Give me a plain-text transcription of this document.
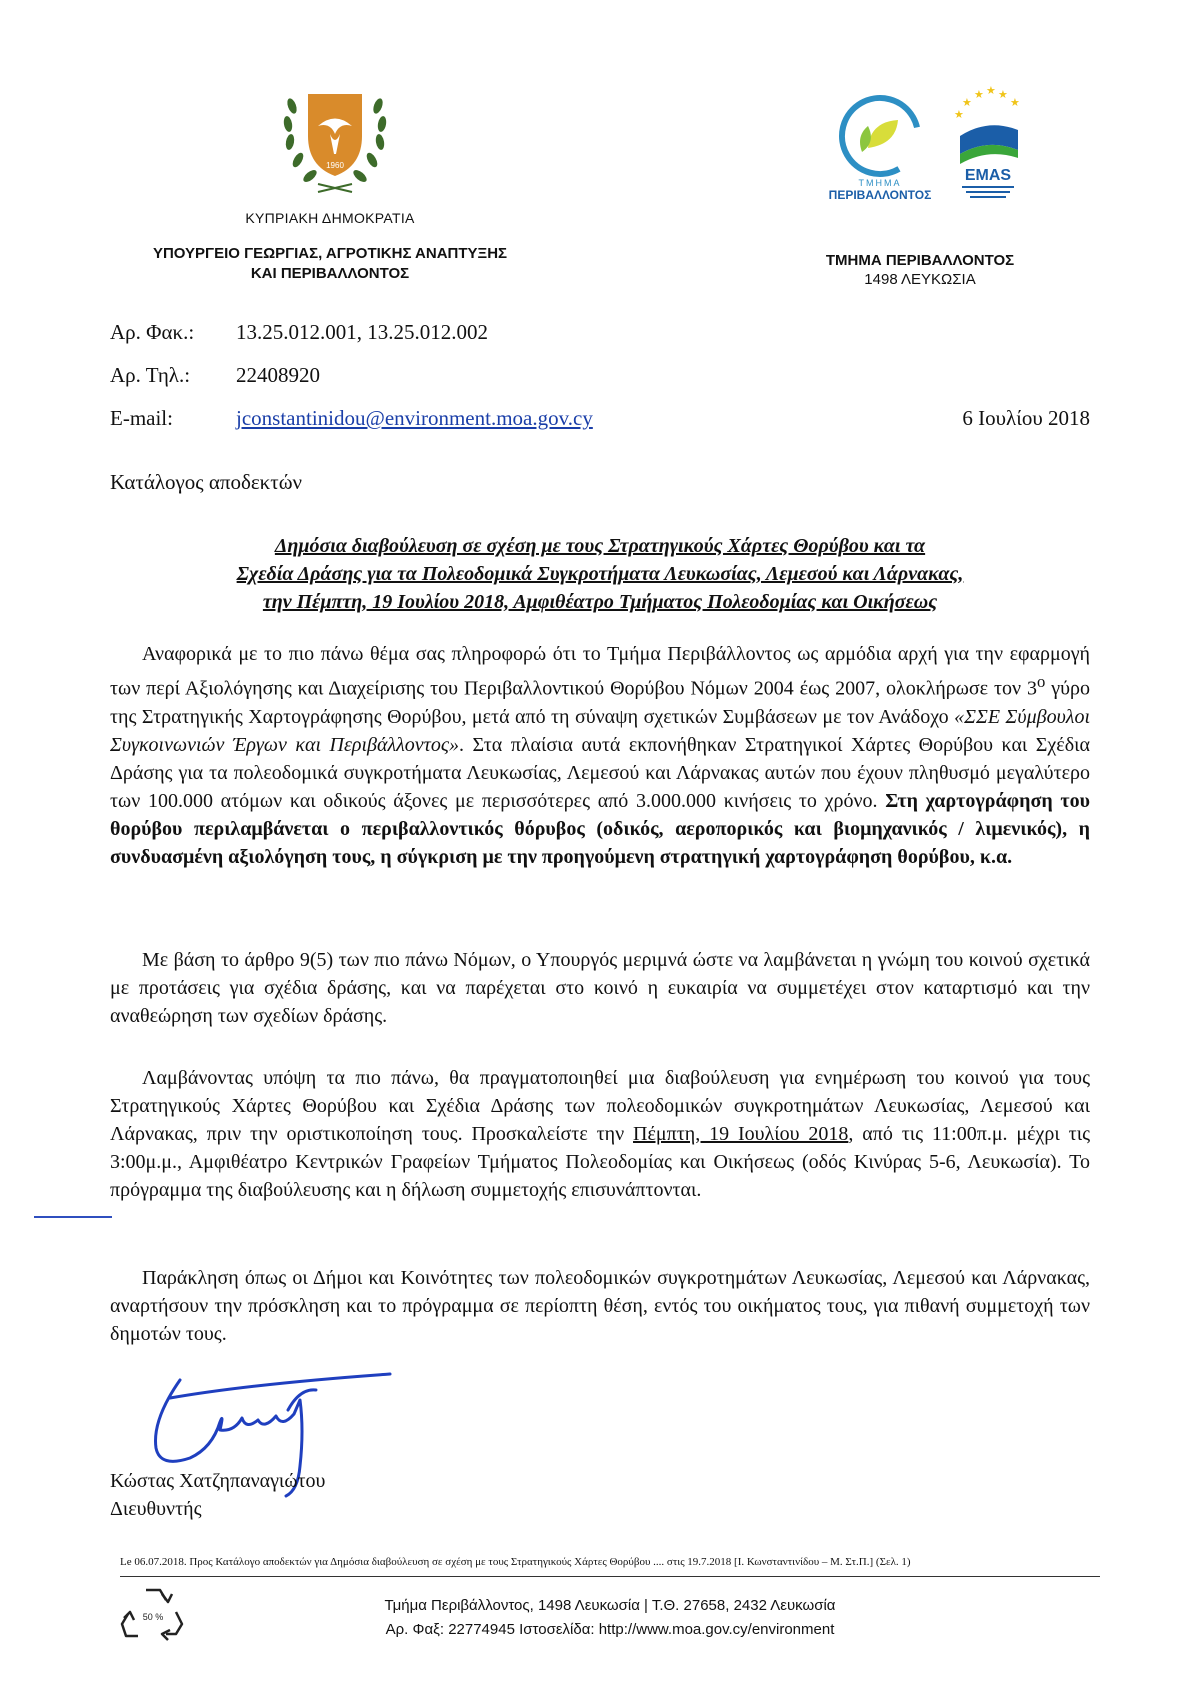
1960
ΚΥΠΡΙΑΚΗ ΔΗΜΟΚΡΑΤΙΑ
ΥΠΟΥΡΓΕΙΟ ΓΕΩΡΓΙΑΣ, ΑΓΡΟΤΙΚΗΣ ΑΝΑΠΤΥΞΗΣ
ΚΑΙ ΠΕΡΙΒΑΛΛΟΝΤΟΣ
ΤΜΗΜΑ
ΠΕΡΙΒΑΛΛΟΝΤΟΣ
★
★ ★ ★
★
★
EMAS
ΤΜΗΜΑ ΠΕΡΙΒΑΛΛΟΝΤΟΣ
1498 ΛΕΥΚΩΣΙΑ
Αρ. Φακ.: 13.25.012.001, 13.25.012.002
Αρ. Τηλ.: 22408920
E-mail:	jconstantinidou@environment.moa.gov.cy	6 Ιουλίου 2018
Κατάλογος αποδεκτών
Δημόσια διαβούλευση σε σχέση με τους Στρατηγικούς Χάρτες Θορύβου και τα
Σχεδία Δράσης για τα Πολεοδομικά Συγκροτήματα Λευκωσίας, Λεμεσού και Λάρνακας,
την Πέμπτη, 19 Ιουλίου 2018, Αμφιθέατρο Τμήματος Πολεοδομίας και Οικήσεως
Αναφορικά με το πιο πάνω θέμα σας πληροφορώ ότι το Τμήμα Περιβάλλοντος ως αρμόδια αρχή για την εφαρμογή των περί Αξιολόγησης και Διαχείρισης του Περιβαλλοντικού Θορύβου Νόμων 2004 έως 2007, ολοκλήρωσε τον $3^o$ γύρο της Στρατηγικής Χαρτογράφησης Θορύβου, μετά από τη σύναψη σχετικών Συμβάσεων με τον Ανάδοχο «ΣΣΕ Σύμβουλοι Συγκοινωνιών Έργων και Περιβάλλοντος». Στα πλαίσια αυτά εκπονήθηκαν Στρατηγικοί Χάρτες Θορύβου και Σχέδια Δράσης για τα πολεοδομικά συγκροτήματα Λευκωσίας, Λεμεσού και Λάρνακας αυτών που έχουν πληθυσμό μεγαλύτερο των 100.000 ατόμων και οδικούς άξονες με περισσότερες από 3.000.000 κινήσεις το χρόνο. Στη χαρτογράφηση του θορύβου περιλαμβάνεται ο περιβαλλοντικός θόρυβος (οδικός, αεροπορικός και βιομηχανικός / λιμενικός), η συνδυασμένη αξιολόγηση τους, η σύγκριση με την προηγούμενη στρατηγική χαρτογράφηση θορύβου, κ.α.
Με βάση το άρθρο 9(5) των πιο πάνω Νόμων, ο Υπουργός μεριμνά ώστε να λαμβάνεται η γνώμη του κοινού σχετικά με προτάσεις για σχέδια δράσης, και να παρέχεται στο κοινό η ευκαιρία να συμμετέχει στον καταρτισμό και την αναθεώρηση των σχεδίων δράσης.
Λαμβάνοντας υπόψη τα πιο πάνω, θα πραγματοποιηθεί μια διαβούλευση για ενημέρωση του κοινού για τους Στρατηγικούς Χάρτες Θορύβου και Σχέδια Δράσης των πολεοδομικών συγκροτημάτων Λευκωσίας, Λεμεσού και Λάρνακας, πριν την οριστικοποίηση τους. Προσκαλείστε την Πέμπτη, 19 Ιουλίου 2018, από τις 11:00π.μ. μέχρι τις 3:00μ.μ., Αμφιθέατρο Κεντρικών Γραφείων Τμήματος Πολεοδομίας και Οικήσεως (οδός Κινύρας 5-6, Λευκωσία). Το πρόγραμμα της διαβούλευσης και η δήλωση συμμετοχής επισυνάπτονται.
Παράκληση όπως οι Δήμοι και Κοινότητες των πολεοδομικών συγκροτημάτων Λευκωσίας, Λεμεσού και Λάρνακας, αναρτήσουν την πρόσκληση και το πρόγραμμα σε περίοπτη θέση, εντός του οικήματος τους, για πιθανή συμμετοχή των δημοτών τους.
Κώστας Χατζηπαναγιώτου
Διευθυντής
Le 06.07.2018. Προς Κατάλογο αποδεκτών για Δημόσια διαβούλευση σε σχέση με τους Στρατηγικούς Χάρτες Θορύβου .... στις 19.7.2018 [Ι. Κωνσταντινίδου – Μ. Στ.Π.] (Σελ. 1)
50 %
Τμήμα Περιβάλλοντος, 1498 Λευκωσία | Τ.Θ. 27658, 2432 Λευκωσία
Αρ. Φαξ: 22774945 Ιστοσελίδα: http://www.moa.gov.cy/environment
